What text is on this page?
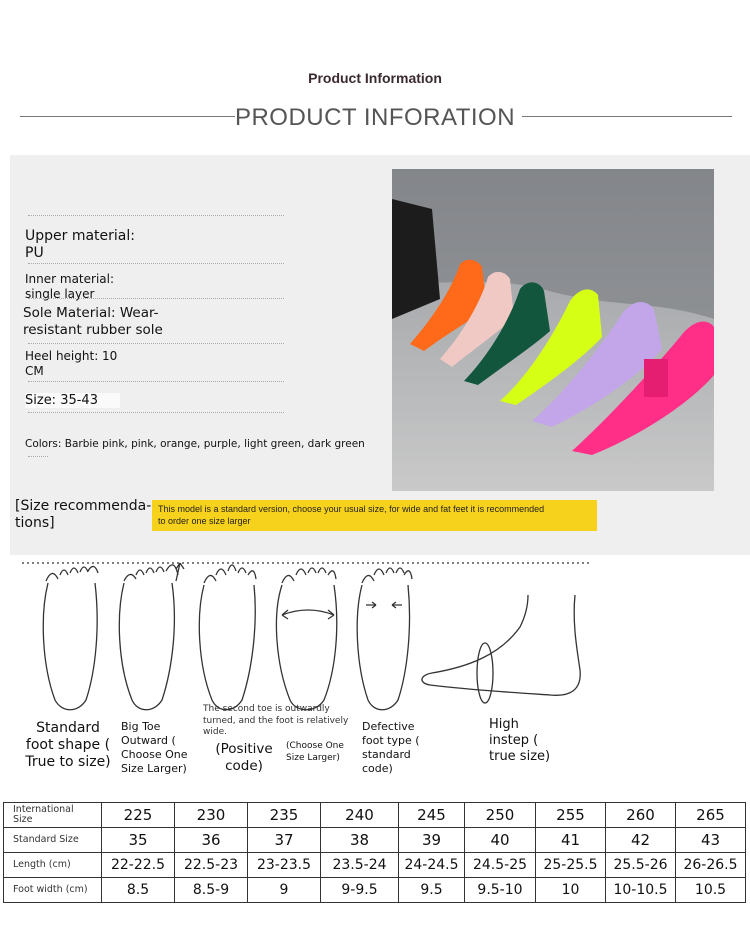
Product Information
PRODUCT INFORATION
Upper material:
PU
Inner material:
single layer
Sole Material: Wear-
resistant rubber sole
Heel height: 10
CM
Size: 35-43
Colors: Barbie pink, pink, orange, purple, light green, dark green
[Size recommenda-
tions]
This model is a standard version, choose your usual size, for wide and fat feet it is recommended
to order one size larger
Standard
foot shape (
True to size)
Big Toe
Outward (
Choose One
Size Larger)
The second toe is outwardly
turned, and the foot is relatively
wide.
(Positive
code)
(Choose One
Size Larger)
Defective
foot type (
standard
code)
High
instep (
true size)
International
Size	225	230	235	240	245	250	255	260	265
Standard Size	35	36	37	38	39	40	41	42	43
Length (cm)	22-22.5	22.5-23	23-23.5	23.5-24	24-24.5	24.5-25	25-25.5	25.5-26	26-26.5
Foot width (cm)	8.5	8.5-9	9	9-9.5	9.5	9.5-10	10	10-10.5	10.5
